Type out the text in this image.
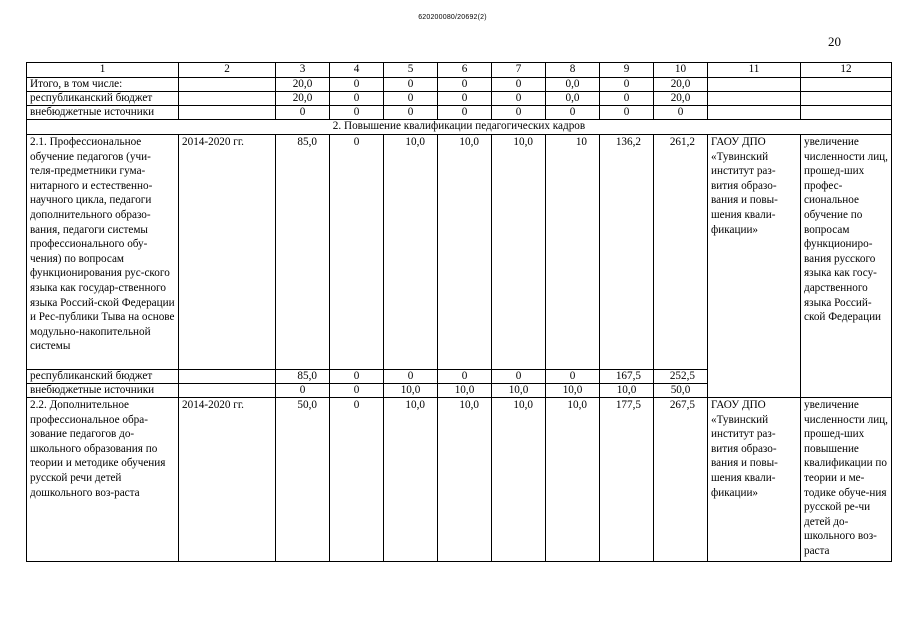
620200080/20692(2)
20
1	2	3	4	5	6	7	8	9	10	11	12
Итого, в том числе:		20,0	0	0	0	0	0,0	0	20,0		
республиканский бюджет		20,0	0	0	0	0	0,0	0	20,0		
внебюджетные источники		0	0	0	0	0	0	0	0		
2. Повышение квалификации педагогических кадров											
2.1. Профессиональное обучение педагогов (учи-теля-предметники гума-нитарного и естественно-научного цикла, педагоги дополнительного образо-вания, педагоги системы профессионального обу-чения) по вопросам функционирования рус-ского языка как государ-ственного языка Россий-ской Федерации и Рес-публики Тыва на основе модульно-накопительной системы	2014-2020 гг.	85,0	0	10,0	10,0	10,0	10	136,2	261,2	ГАОУ ДПО «Тувинский институт раз-вития образо-вания и повы-шения квали-фикации»	увеличение численности лиц, прошед-ших профес-сиональное обучение по вопросам функциониро-вания русского языка как госу-дарственного языка Россий-ской Федерации
республиканский бюджет		85,0	0	0	0	0	0	167,5	252,5		
внебюджетные источники		0	0	10,0	10,0	10,0	10,0	10,0	50,0		
2.2. Дополнительное профессиональное обра-зование педагогов до-школьного образования по теории и методике обучения русской речи детей дошкольного воз-раста	2014-2020 гг.	50,0	0	10,0	10,0	10,0	10,0	177,5	267,5	ГАОУ ДПО «Тувинский институт раз-вития образо-вания и повы-шения квали-фикации»	увеличение численности лиц, прошед-ших повышение квалификации по теории и ме-тодике обуче-ния русской ре-чи детей до-школьного воз-раста
